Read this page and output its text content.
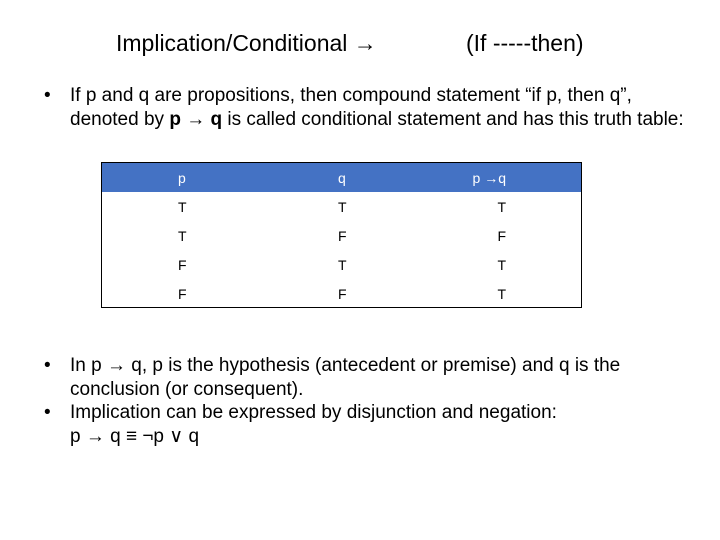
Implication/Conditional →	(If -----then)

• If p and q are propositions, then compound statement “if p, then q”, denoted by p → q is called conditional statement and has this truth table:

p	q	p →q
T	T	T
T	F	F
F	T	T
F	F	T

• In p → q, p is the hypothesis (antecedent or premise) and q is the conclusion (or consequent).

• Implication can be expressed by disjunction and negation:

p → q ≡ ¬p ∨ q
